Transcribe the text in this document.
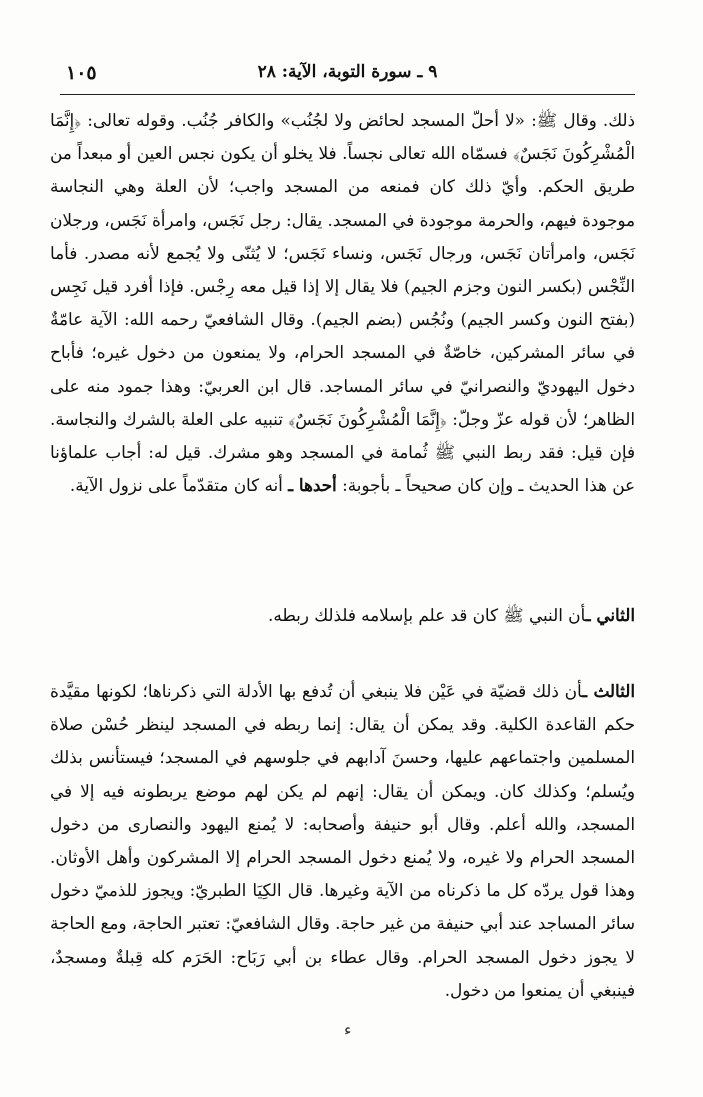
١٠٥	٩ ـ سورة التوبة، الآية: ٢٨

ذلك. وقال ﷺ: «لا أحلّ المسجد لحائض ولا لجُنُب» والكافر جُنُب. وقوله تعالى: ﴿إِنَّمَا الْمُشْرِكُونَ نَجَسٌ﴾ فسمّاه الله تعالى نجساً. فلا يخلو أن يكون نجس العين أو مبعداً من طريق الحكم. وأيّ ذلك كان فمنعه من المسجد واجب؛ لأن العلة وهي النجاسة موجودة فيهم، والحرمة موجودة في المسجد. يقال: رجل نَجَس، وامرأة نَجَس، ورجلان نَجَس، وامرأتان نَجَس، ورجال نَجَس، ونساء نَجَس؛ لا يُثنّى ولا يُجمع لأنه مصدر. فأما النِّجْس (بكسر النون وجزم الجيم) فلا يقال إلا إذا قيل معه رِجْس. فإذا أفرد قيل نَجِس (بفتح النون وكسر الجيم) ونُجُس (بضم الجيم). وقال الشافعيّ رحمه الله: الآية عامّةٌ في سائر المشركين، خاصّةٌ في المسجد الحرام، ولا يمنعون من دخول غيره؛ فأباح دخول اليهوديّ والنصرانيّ في سائر المساجد. قال ابن العربيّ: وهذا جمود منه على الظاهر؛ لأن قوله عزّ وجلّ: ﴿إِنَّمَا الْمُشْرِكُونَ نَجَسٌ﴾ تنبيه على العلة بالشرك والنجاسة. فإن قيل: فقد ربط النبي ﷺ ثُمامة في المسجد وهو مشرك. قيل له: أجاب علماؤنا عن هذا الحديث ـ وإن كان صحيحاً ـ بأجوبة: أحدها ـ أنه كان متقدّماً على نزول الآية.

الثاني ـأن النبي ﷺ كان قد علم بإسلامه فلذلك ربطه.

الثالث ـأن ذلك قضيّة في عَيْن فلا ينبغي أن تُدفع بها الأدلة التي ذكرناها؛ لكونها مقيَّدة حكم القاعدة الكلية. وقد يمكن أن يقال: إنما ربطه في المسجد لينظر حُسْن صلاة المسلمين واجتماعهم عليها، وحسنَ آدابهم في جلوسهم في المسجد؛ فيستأنس بذلك ويُسلم؛ وكذلك كان. ويمكن أن يقال: إنهم لم يكن لهم موضع يربطونه فيه إلا في المسجد، والله أعلم. وقال أبو حنيفة وأصحابه: لا يُمنع اليهود والنصارى من دخول المسجد الحرام ولا غيره، ولا يُمنع دخول المسجد الحرام إلا المشركون وأهل الأوثان. وهذا قول يردّه كل ما ذكرناه من الآية وغيرها. قال الكِيَا الطبريّ: ويجوز للذميّ دخول سائر المساجد عند أبي حنيفة من غير حاجة. وقال الشافعيّ: تعتبر الحاجة، ومع الحاجة لا يجوز دخول المسجد الحرام. وقال عطاء بن أبي رَبَاح: الحَرَم كله قِبلةٌ ومسجدٌ، فينبغي أن يمنعوا من دخول.

ء
